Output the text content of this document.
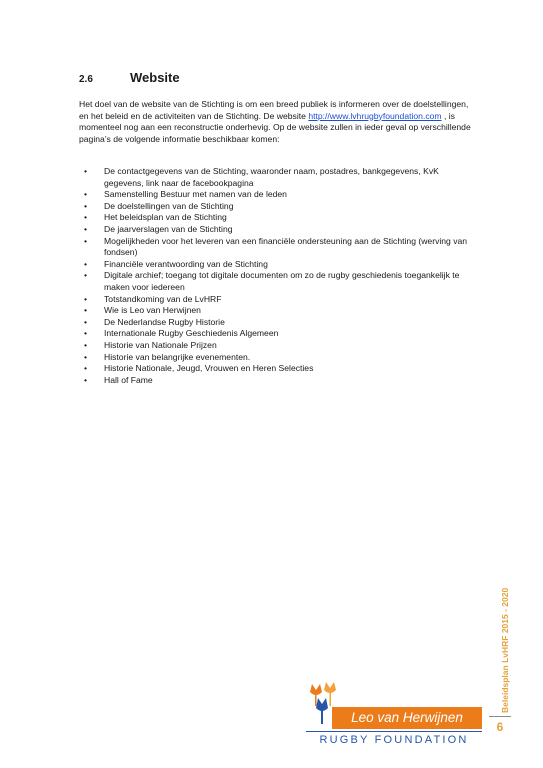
2.6	Website

Het doel van de website van de Stichting is om een breed publiek is informeren over de doelstellingen, en het beleid en de activiteiten van de Stichting. De website http://www.lvhrugbyfoundation.com , is momenteel nog aan een reconstructie onderhevig. Op de website zullen in ieder geval op verschillende pagina’s de volgende informatie beschikbaar komen:

• De contactgegevens van de Stichting, waaronder naam, postadres, bankgegevens, KvK gegevens, link naar de facebookpagina
• Samenstelling Bestuur met namen van de leden
• De doelstellingen van de Stichting
• Het beleidsplan van de Stichting
• De jaarverslagen van de Stichting
• Mogelijkheden voor het leveren van een financiële ondersteuning aan de Stichting (werving van fondsen)
• Financiële verantwoording van de Stichting
• Digitale archief; toegang tot digitale documenten om zo de rugby geschiedenis toegankelijk te maken voor iedereen
• Totstandkoming van de LvHRF
• Wie is Leo van Herwijnen
• De Nederlandse Rugby Historie
• Internationale Rugby Geschiedenis Algemeen
• Historie van Nationale Prijzen
• Historie van belangrijke evenementen.
• Historie Nationale, Jeugd, Vrouwen en Heren Selecties
• Hall of Fame
Beleidsplan LvHRF 2015 - 2020
6
Leo van Herwijnen
RUGBY FOUNDATION
